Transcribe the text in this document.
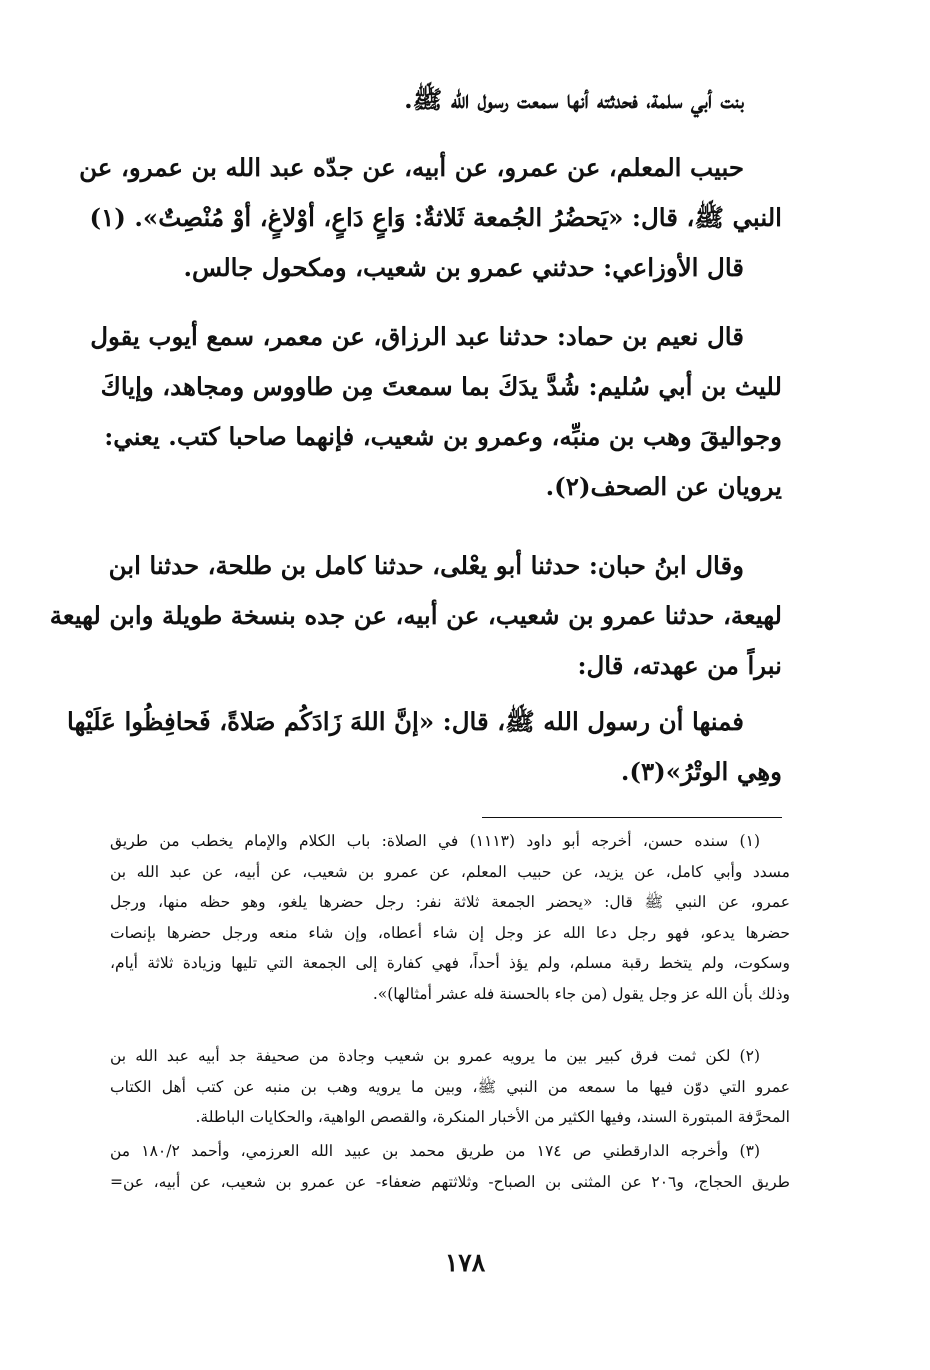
بنت أبي سلمة، فحدثته أنها سمعت رسول الله ﷺ.
حبيب المعلم، عن عمرو، عن أبيه، عن جدّه عبد الله بن عمرو، عن
النبي ﷺ، قال: «يَحضُرُ الجُمعة ثَلاثةٌ: وَاعٍ دَاعٍ، أوْلاغٍ، أوْ مُنْصِتٌ». (١)
قال الأوزاعي: حدثني عمرو بن شعيب، ومكحول جالس.
قال نعيم بن حماد: حدثنا عبد الرزاق، عن معمر، سمع أيوب يقول
لليث بن أبي سُليم: شُدَّ يدَكَ بما سمعتَ مِن طاووس ومجاهد، وإياكَ
وجواليقَ وهب بن منبِّه، وعمرو بن شعيب، فإنهما صاحبا كتب. يعني:
يرويان عن الصحف(٢).
وقال ابنُ حبان: حدثنا أبو يعْلى، حدثنا كامل بن طلحة، حدثنا ابن
لهيعة، حدثنا عمرو بن شعيب، عن أبيه، عن جده بنسخة طويلة وابن لهيعة
نبراً من عهدته، قال:
فمنها أن رسول الله ﷺ، قال: «إنَّ اللهَ زَادَكُم صَلاةً، فَحافِظُوا عَلَيْها
وهِي الوتْرُ»(٣).
(١) سنده حسن، أخرجه أبو داود (١١١٣) في الصلاة: باب الكلام والإمام يخطب من طريق
مسدد وأبي كامل، عن يزيد، عن حبيب المعلم، عن عمرو بن شعيب، عن أبيه، عن عبد الله بن
عمرو، عن النبي ﷺ قال: «يحضر الجمعة ثلاثة نفر: رجل حضرها يلغو، وهو حظه منها، ورجل
حضرها يدعو، فهو رجل دعا الله عز وجل إن شاء أعطاه، وإن شاء منعه ورجل حضرها بإنصات
وسكوت، ولم يتخط رقبة مسلم، ولم يؤذ أحداً، فهي كفارة إلى الجمعة التي تليها وزيادة ثلاثة أيام،
وذلك بأن الله عز وجل يقول (من جاء بالحسنة فله عشر أمثالها)».
(٢) لكن ثمت فرق كبير بين ما يرويه عمرو بن شعيب وجادة من صحيفة جد أبيه عبد الله بن
عمرو التي دوّن فيها ما سمعه من النبي ﷺ، وبين ما يرويه وهب بن منبه عن كتب أهل الكتاب
المحرَّفة المبتورة السند، وفيها الكثير من الأخبار المنكرة، والقصص الواهية، والحكايات الباطلة.
(٣) وأخرجه الدارقطني ص ١٧٤ من طريق محمد بن عبيد الله العرزمي، وأحمد ١٨٠/٢ من
طريق الحجاج، و٢٠٦ عن المثنى بن الصباح- وثلاثتهم ضعفاء- عن عمرو بن شعيب، عن أبيه، عن=
١٧٨
